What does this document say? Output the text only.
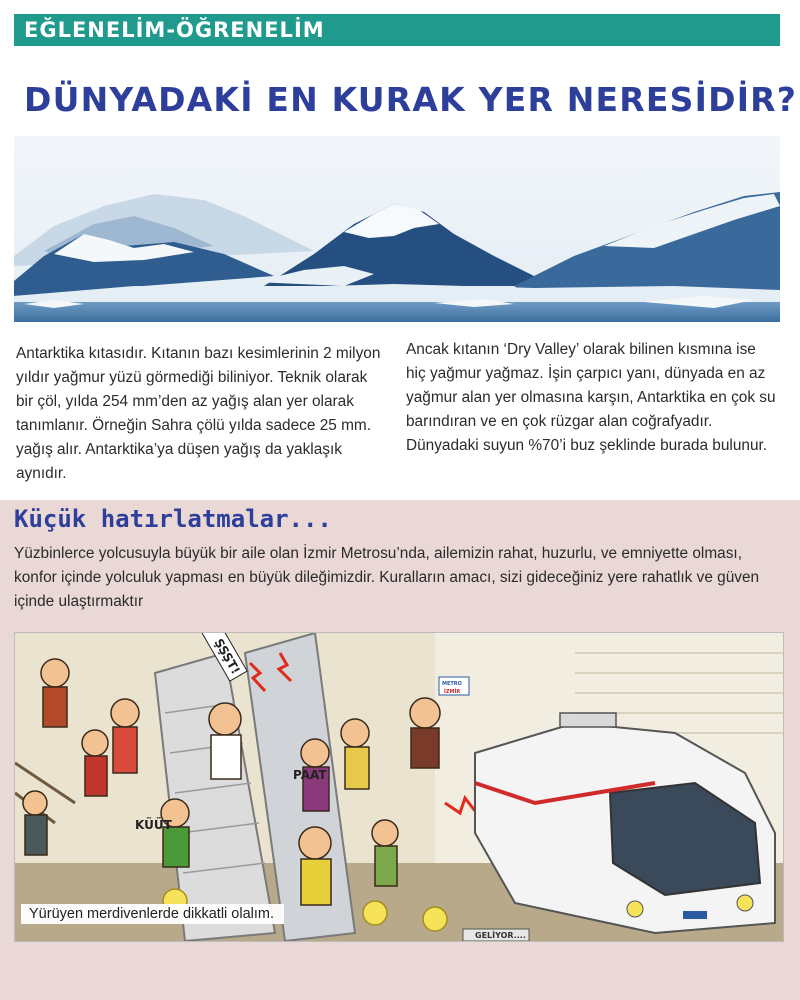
EĞLENELİM-ÖĞRENELİM
DÜNYADAKİ EN KURAK YER NERESİDİR?
Antarktika kıtasıdır. Kıtanın bazı kesimlerinin 2 milyon yıldır yağmur yüzü görmediği biliniyor. Teknik olarak bir çöl, yılda 254 mm’den az yağış alan yer olarak tanımlanır. Örneğin Sahra çölü yılda sadece 25 mm. yağış alır. Antarktika’ya düşen yağış da yaklaşık aynıdır.
Ancak kıtanın ‘Dry Valley’ olarak bilinen kısmına ise hiç yağmur yağmaz. İşin çarpıcı yanı, dünyada en az yağmur alan yer olmasına karşın, Antarktika en çok su barındıran ve en çok rüzgar alan coğrafyadır. Dünyadaki suyun %70’i buz şeklinde burada bulunur.
Küçük hatırlatmalar...
Yüzbinlerce yolcusuyla büyük bir aile olan İzmir Metrosu’nda, ailemizin rahat, huzurlu, ve emniyette olması, konfor içinde yolculuk yapması en büyük dileğimizdir. Kuralların amacı, sizi gideceğiniz yere rahatlık ve güven içinde ulaştırmaktır
ŞŞŞT!
PAAT
KÜÜT
METRO
İZMİR
GELİYOR....
Yürüyen merdivenlerde dikkatli olalım.
